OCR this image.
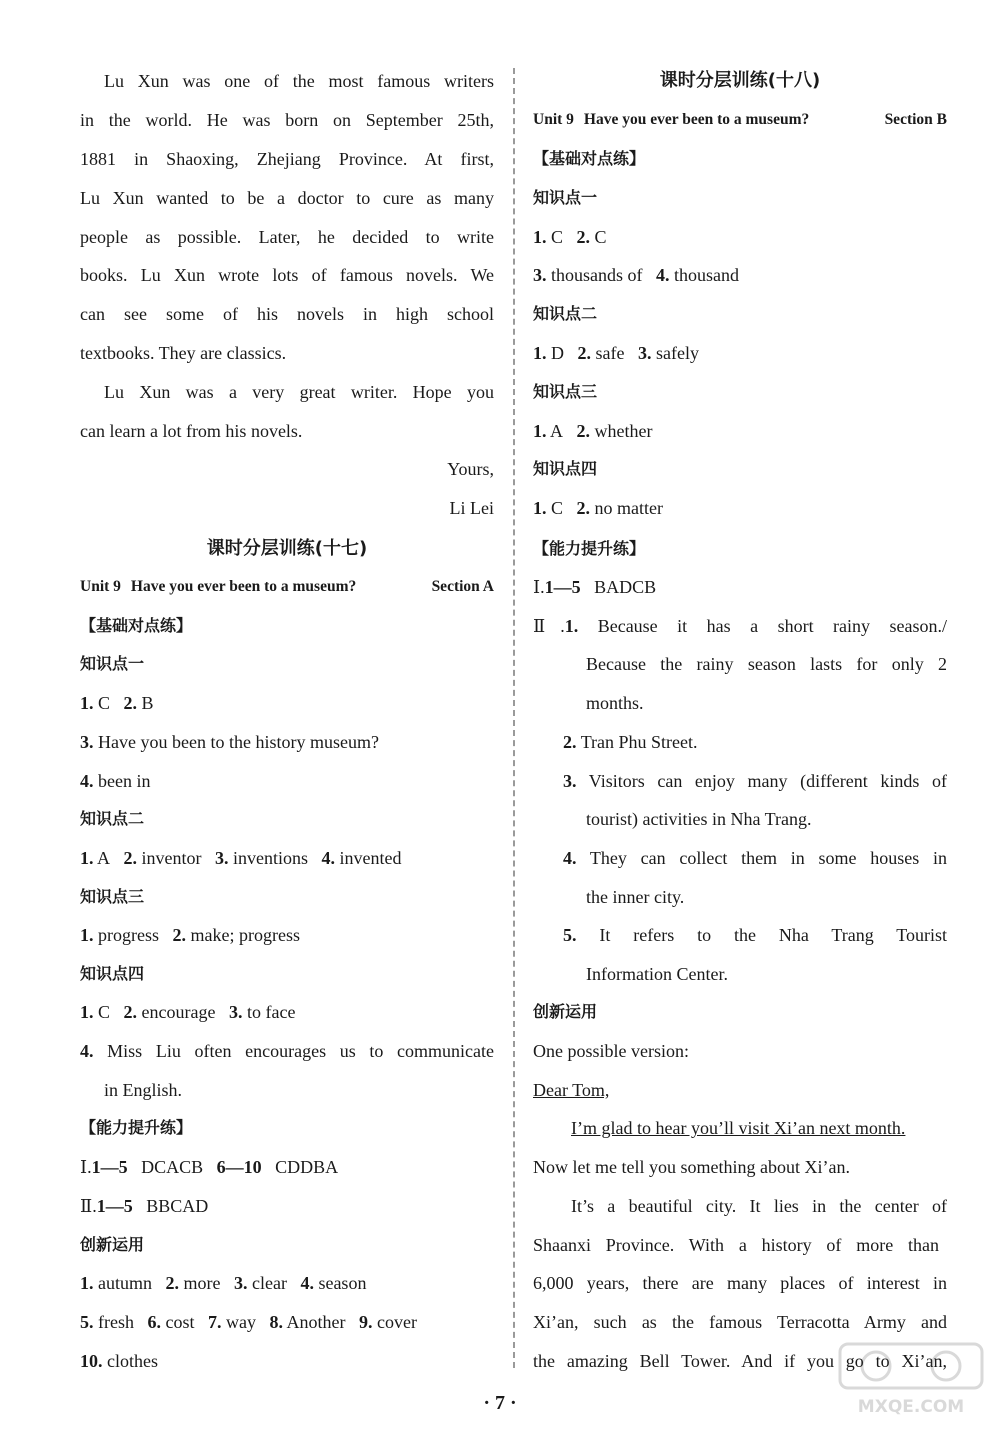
Lu Xun was one of the most famous writers
in the world. He was born on September 25th,
1881 in Shaoxing, Zhejiang Province. At first,
Lu Xun wanted to be a doctor to cure as many
people as possible. Later, he decided to write
books. Lu Xun wrote lots of famous novels. We
can see some of his novels in high school
textbooks. They are classics.
Lu Xun was a very great writer. Hope you
can learn a lot from his novels.
Yours,
Li Lei
课时分层训练(十七)
Unit 9 Have you ever been to a museum?	Section A
【基础对点练】
知识点一
1. C 2. B
3. Have you been to the history museum?
4. been in
知识点二
1. A 2. inventor 3. inventions 4. invented
知识点三
1. progress 2. make; progress
知识点四
1. C 2. encourage 3. to face
4. Miss Liu often encourages us to communicate
in English.
【能力提升练】
Ⅰ.1—5 DCACB 6—10 CDDBA
Ⅱ.1—5 BBCAD
创新运用
1. autumn 2. more 3. clear 4. season
5. fresh 6. cost 7. way 8. Another 9. cover
10. clothes
课时分层训练(十八)
Unit 9 Have you ever been to a museum?	Section B
【基础对点练】
知识点一
1. C 2. C
3. thousands of 4. thousand
知识点二
1. D 2. safe 3. safely
知识点三
1. A 2. whether
知识点四
1. C 2. no matter
【能力提升练】
Ⅰ.1—5 BADCB
Ⅱ.1. Because it has a short rainy season./
Because the rainy season lasts for only 2
months.
2. Tran Phu Street.
3. Visitors can enjoy many (different kinds of
tourist) activities in Nha Trang.
4. They can collect them in some houses in
the inner city.
5. It refers to the Nha Trang Tourist
Information Center.
创新运用
One possible version:
Dear Tom,
I’m glad to hear you’ll visit Xi’an next month.
Now let me tell you something about Xi’an.
It’s a beautiful city. It lies in the center of
Shaanxi Province. With a history of more than
6,000 years, there are many places of interest in
Xi’an, such as the famous Terracotta Army and
the amazing Bell Tower. And if you go to Xi’an,
· 7 ·	MXQE.COM
